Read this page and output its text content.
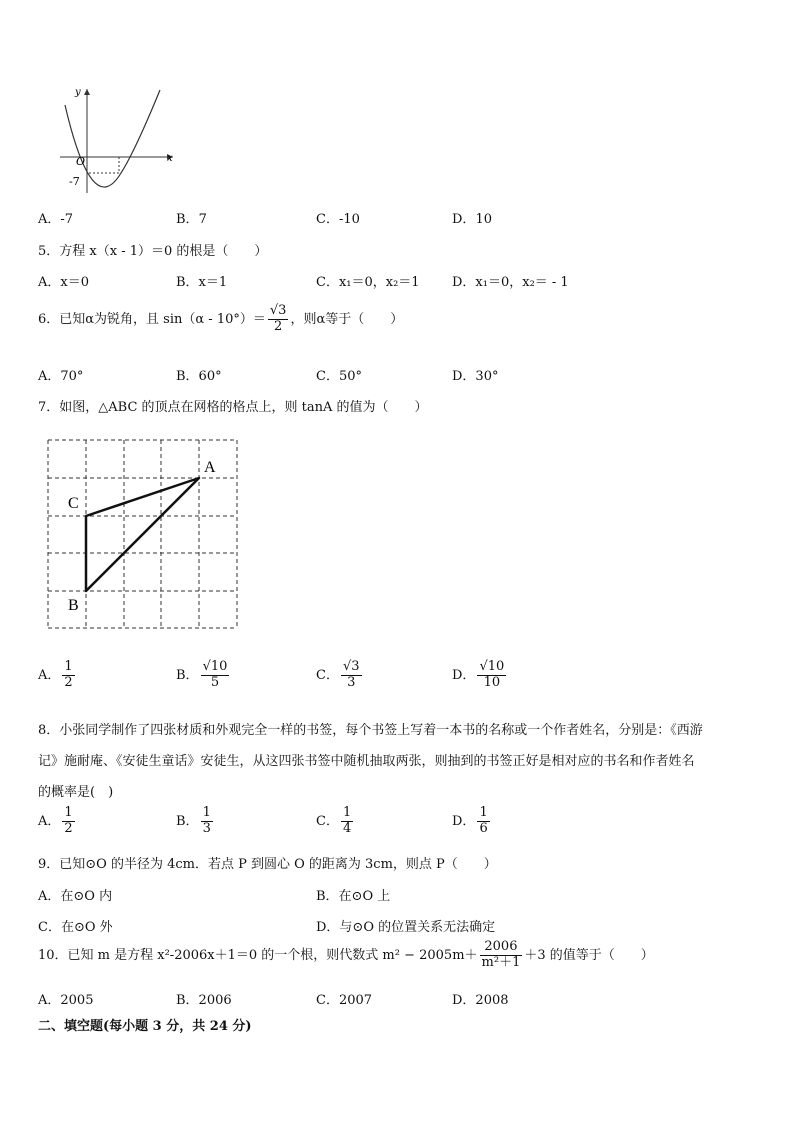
y
x
O
-7
A．-7	B．7	C．-10	D．10
5．方程 x（x - 1）＝0 的根是（　　）
A．x＝0	B．x＝1	C．x₁＝0，x₂＝1 D．x₁＝0，x₂＝ - 1
6．已知α为锐角，且 $\sin(\alpha - 10^\circ)= \frac{√3}{2}$ ，则α等于（　　）
A．70°	B．60°	C．50°	D．30°
7．如图，△ABC 的顶点在网格的格点上，则 tanA 的值为（　　）
A
C
B
A． $\frac{1}{2}$	B． $\frac{√10}{5}$	C． $\frac{√3}{3}$	D． $\frac{√10}{10}$
8．小张同学制作了四张材质和外观完全一样的书签，每个书签上写着一本书的名称或一个作者姓名，分别是：《西游
记》施耐庵、《安徒生童话》安徒生，从这四张书签中随机抽取两张，则抽到的书签正好是相对应的书名和作者姓名
的概率是(　)
A． $\frac{1}{2}$	B． $\frac{1}{3}$	C． $\frac{1}{4}$	D． $\frac{1}{6}$
9．已知⊙O 的半径为 4cm．若点 P 到圆心 O 的距离为 3cm，则点 P（　　）
A．在⊙O 内	B．在⊙O 上
C．在⊙O 外	D．与⊙O 的位置关系无法确定
10．已知 m 是方程 x²-2006x＋1＝0 的一个根，则代数式 $m^2 - 2005m+ \frac{2006}{\text{m²＋1}} +3$ 的值等于（　　）
A．2005	B．2006	C．2007	D．2008
二、填空题(每小题 3 分，共 24 分)
